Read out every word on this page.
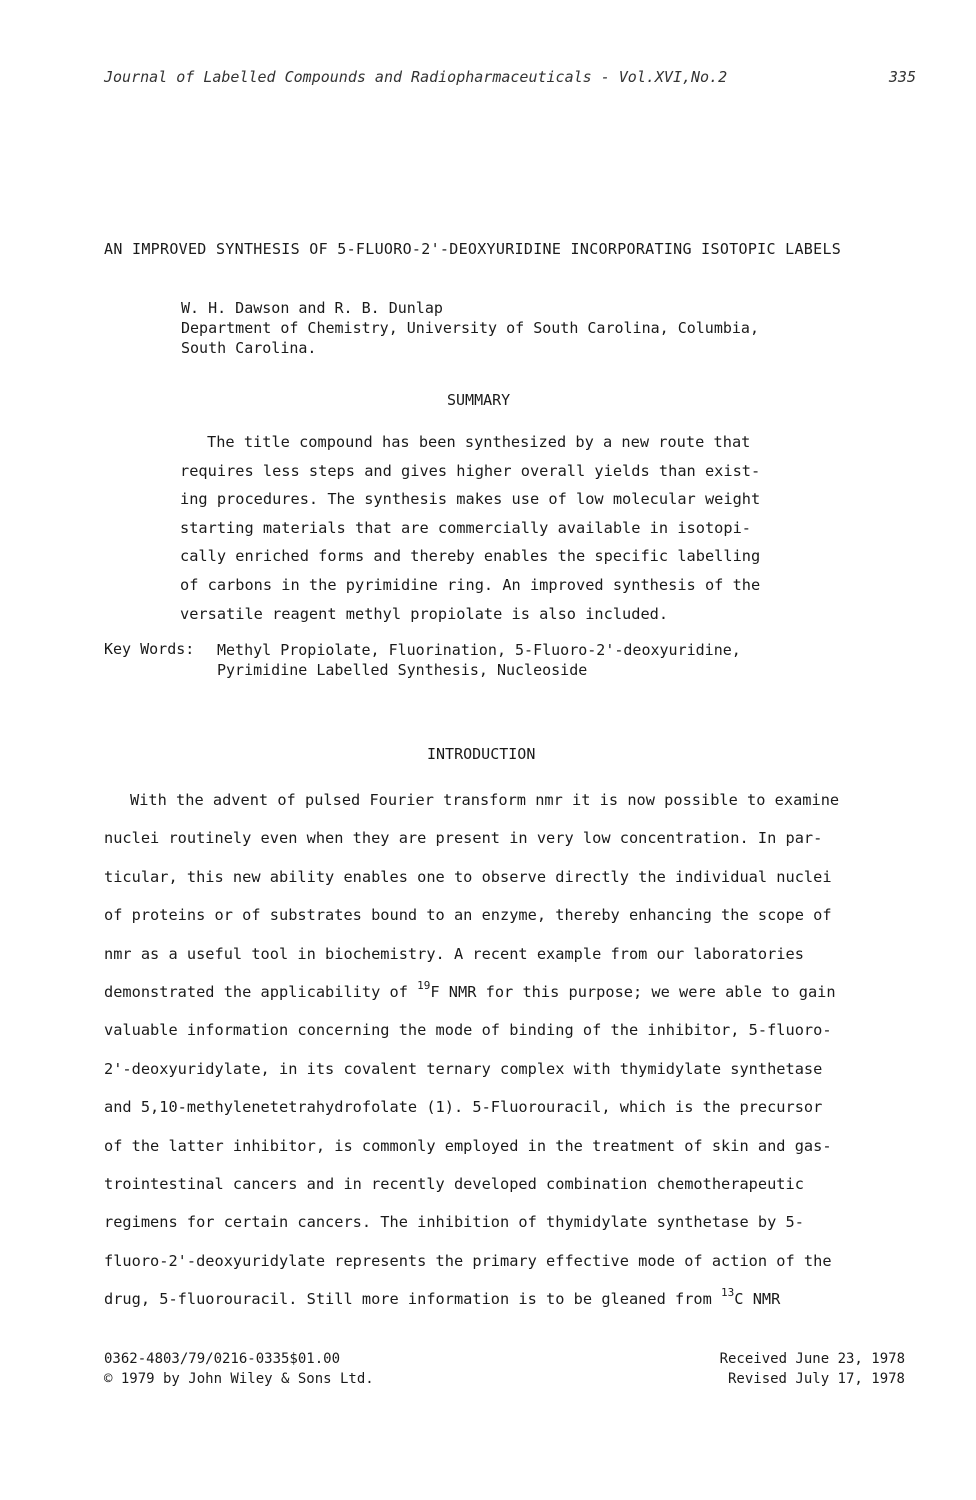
Journal of Labelled Compounds and Radiopharmaceuticals - Vol.XVI,No.2	335
AN IMPROVED SYNTHESIS OF 5-FLUORO-2'-DEOXYURIDINE INCORPORATING ISOTOPIC LABELS
W. H. Dawson and R. B. Dunlap
Department of Chemistry, University of South Carolina, Columbia,
South Carolina.
SUMMARY
The title compound has been synthesized by a new route that
requires less steps and gives higher overall yields than exist-
ing procedures. The synthesis makes use of low molecular weight
starting materials that are commercially available in isotopi-
cally enriched forms and thereby enables the specific labelling
of carbons in the pyrimidine ring. An improved synthesis of the
versatile reagent methyl propiolate is also included.
Key Words: Methyl Propiolate, Fluorination, 5-Fluoro-2'-deoxyuridine,
Pyrimidine Labelled Synthesis, Nucleoside
INTRODUCTION
With the advent of pulsed Fourier transform nmr it is now possible to examine
nuclei routinely even when they are present in very low concentration. In par-
ticular, this new ability enables one to observe directly the individual nuclei
of proteins or of substrates bound to an enzyme, thereby enhancing the scope of
nmr as a useful tool in biochemistry. A recent example from our laboratories
demonstrated the applicability of $^{19}$F NMR for this purpose; we were able to gain
valuable information concerning the mode of binding of the inhibitor, 5-fluoro-
2'-deoxyuridylate, in its covalent ternary complex with thymidylate synthetase
and 5,10-methylenetetrahydrofolate (1). 5-Fluorouracil, which is the precursor
of the latter inhibitor, is commonly employed in the treatment of skin and gas-
trointestinal cancers and in recently developed combination chemotherapeutic
regimens for certain cancers. The inhibition of thymidylate synthetase by 5-
fluoro-2'-deoxyuridylate represents the primary effective mode of action of the
drug, 5-fluorouracil. Still more information is to be gleaned from $^{13}$C NMR
0362-4803/79/0216-0335$01.00
© 1979 by John Wiley & Sons Ltd.
Received June 23, 1978
Revised July 17, 1978
